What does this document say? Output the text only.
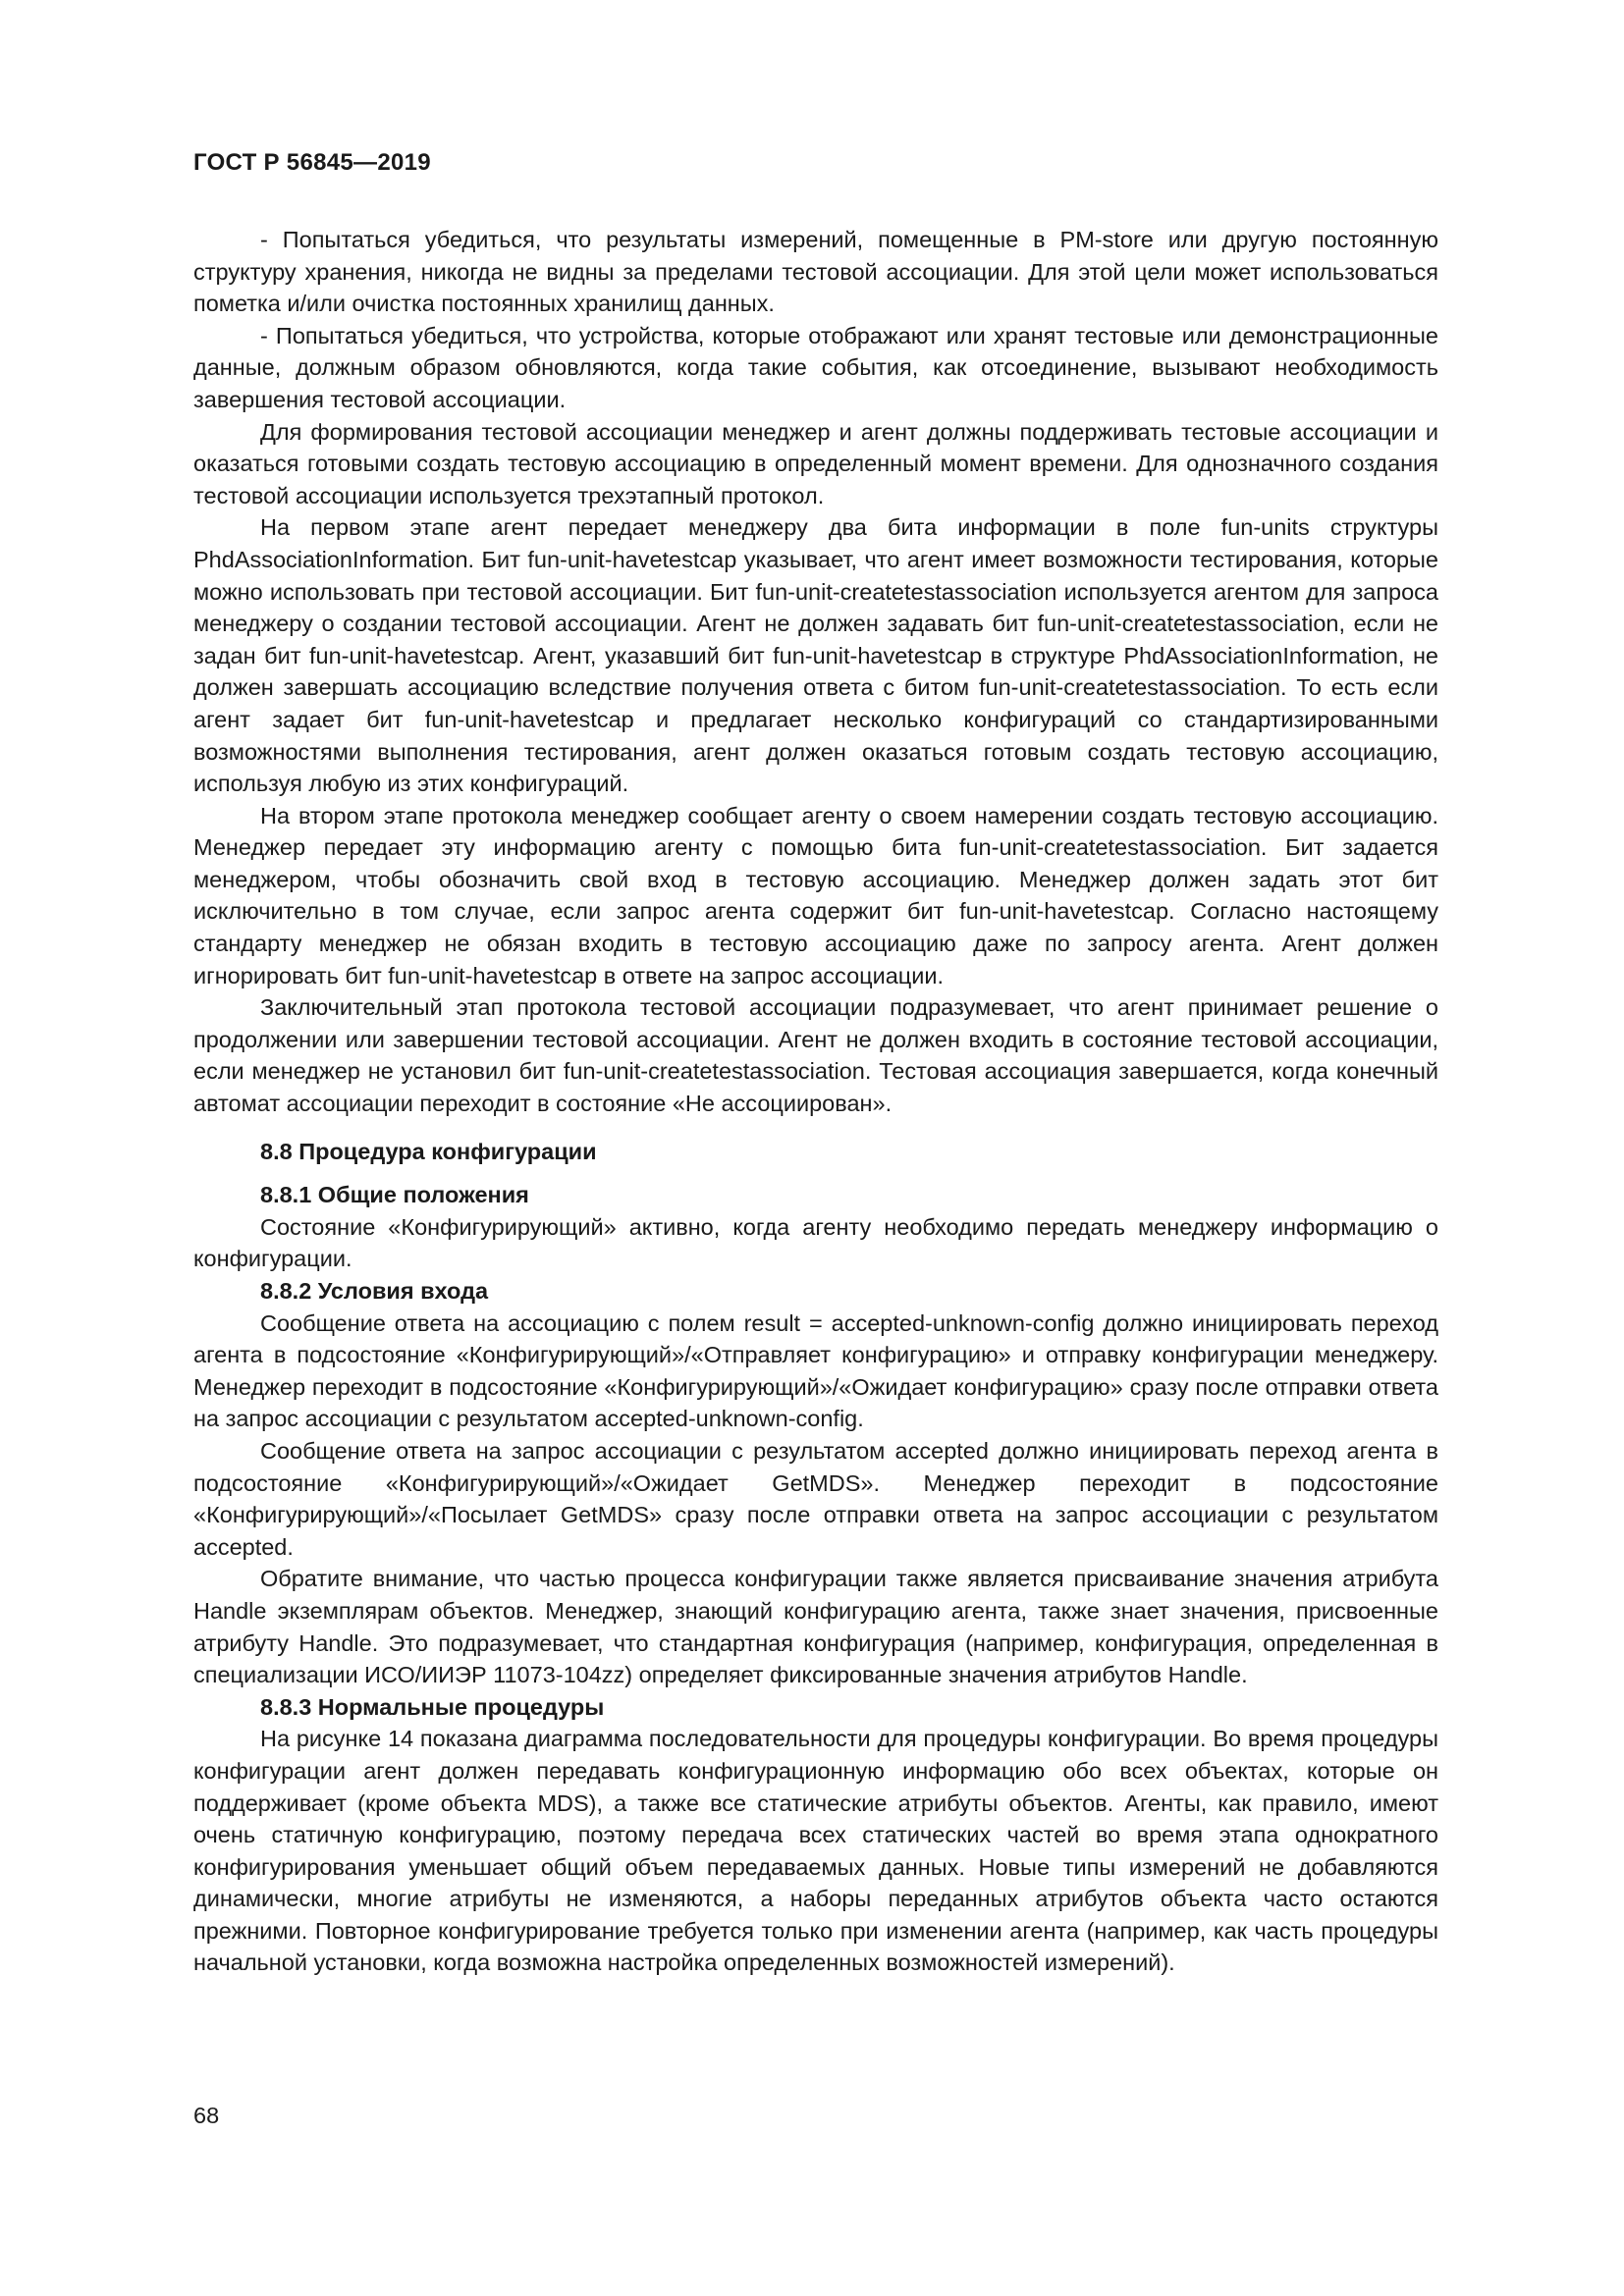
ГОСТ Р 56845—2019

- Попытаться убедиться, что результаты измерений, помещенные в PM-store или другую постоянную структуру хранения, никогда не видны за пределами тестовой ассоциации. Для этой цели может использоваться пометка и/или очистка постоянных хранилищ данных.

- Попытаться убедиться, что устройства, которые отображают или хранят тестовые или демонстрационные данные, должным образом обновляются, когда такие события, как отсоединение, вызывают необходимость завершения тестовой ассоциации.

Для формирования тестовой ассоциации менеджер и агент должны поддерживать тестовые ассоциации и оказаться готовыми создать тестовую ассоциацию в определенный момент времени. Для однозначного создания тестовой ассоциации используется трехэтапный протокол.

На первом этапе агент передает менеджеру два бита информации в поле fun-units структуры PhdAssociationInformation. Бит fun-unit-havetestcap указывает, что агент имеет возможности тестирования, которые можно использовать при тестовой ассоциации. Бит fun-unit-createtestassociation используется агентом для запроса менеджеру о создании тестовой ассоциации. Агент не должен задавать бит fun-unit-createtestassociation, если не задан бит fun-unit-havetestcap. Агент, указавший бит fun-unit-havetestcap в структуре PhdAssociationInformation, не должен завершать ассоциацию вследствие получения ответа с битом fun-unit-createtestassociation. То есть если агент задает бит fun-unit-havetestcap и предлагает несколько конфигураций со стандартизированными возможностями выполнения тестирования, агент должен оказаться готовым создать тестовую ассоциацию, используя любую из этих конфигураций.

На втором этапе протокола менеджер сообщает агенту о своем намерении создать тестовую ассоциацию. Менеджер передает эту информацию агенту с помощью бита fun-unit-createtestassociation. Бит задается менеджером, чтобы обозначить свой вход в тестовую ассоциацию. Менеджер должен задать этот бит исключительно в том случае, если запрос агента содержит бит fun-unit-havetestcap. Согласно настоящему стандарту менеджер не обязан входить в тестовую ассоциацию даже по запросу агента. Агент должен игнорировать бит fun-unit-havetestcap в ответе на запрос ассоциации.

Заключительный этап протокола тестовой ассоциации подразумевает, что агент принимает решение о продолжении или завершении тестовой ассоциации. Агент не должен входить в состояние тестовой ассоциации, если менеджер не установил бит fun-unit-createtestassociation. Тестовая ассоциация завершается, когда конечный автомат ассоциации переходит в состояние «Не ассоциирован».

8.8 Процедура конфигурации

8.8.1 Общие положения

Состояние «Конфигурирующий» активно, когда агенту необходимо передать менеджеру информацию о конфигурации.

8.8.2 Условия входа

Сообщение ответа на ассоциацию с полем result = accepted-unknown-config должно инициировать переход агента в подсостояние «Конфигурирующий»/«Отправляет конфигурацию» и отправку конфигурации менеджеру. Менеджер переходит в подсостояние «Конфигурирующий»/«Ожидает конфигурацию» сразу после отправки ответа на запрос ассоциации с результатом accepted-unknown-config.

Сообщение ответа на запрос ассоциации с результатом accepted должно инициировать переход агента в подсостояние «Конфигурирующий»/«Ожидает GetMDS». Менеджер переходит в подсостояние «Конфигурирующий»/«Посылает GetMDS» сразу после отправки ответа на запрос ассоциации с результатом accepted.

Обратите внимание, что частью процесса конфигурации также является присваивание значения атрибута Handle экземплярам объектов. Менеджер, знающий конфигурацию агента, также знает значения, присвоенные атрибуту Handle. Это подразумевает, что стандартная конфигурация (например, конфигурация, определенная в специализации ИСО/ИИЭР 11073-104zz) определяет фиксированные значения атрибутов Handle.

8.8.3 Нормальные процедуры

На рисунке 14 показана диаграмма последовательности для процедуры конфигурации. Во время процедуры конфигурации агент должен передавать конфигурационную информацию обо всех объектах, которые он поддерживает (кроме объекта MDS), а также все статические атрибуты объектов. Агенты, как правило, имеют очень статичную конфигурацию, поэтому передача всех статических частей во время этапа однократного конфигурирования уменьшает общий объем передаваемых данных. Новые типы измерений не добавляются динамически, многие атрибуты не изменяются, а наборы переданных атрибутов объекта часто остаются прежними. Повторное конфигурирование требуется только при изменении агента (например, как часть процедуры начальной установки, когда возможна настройка определенных возможностей измерений).

68
